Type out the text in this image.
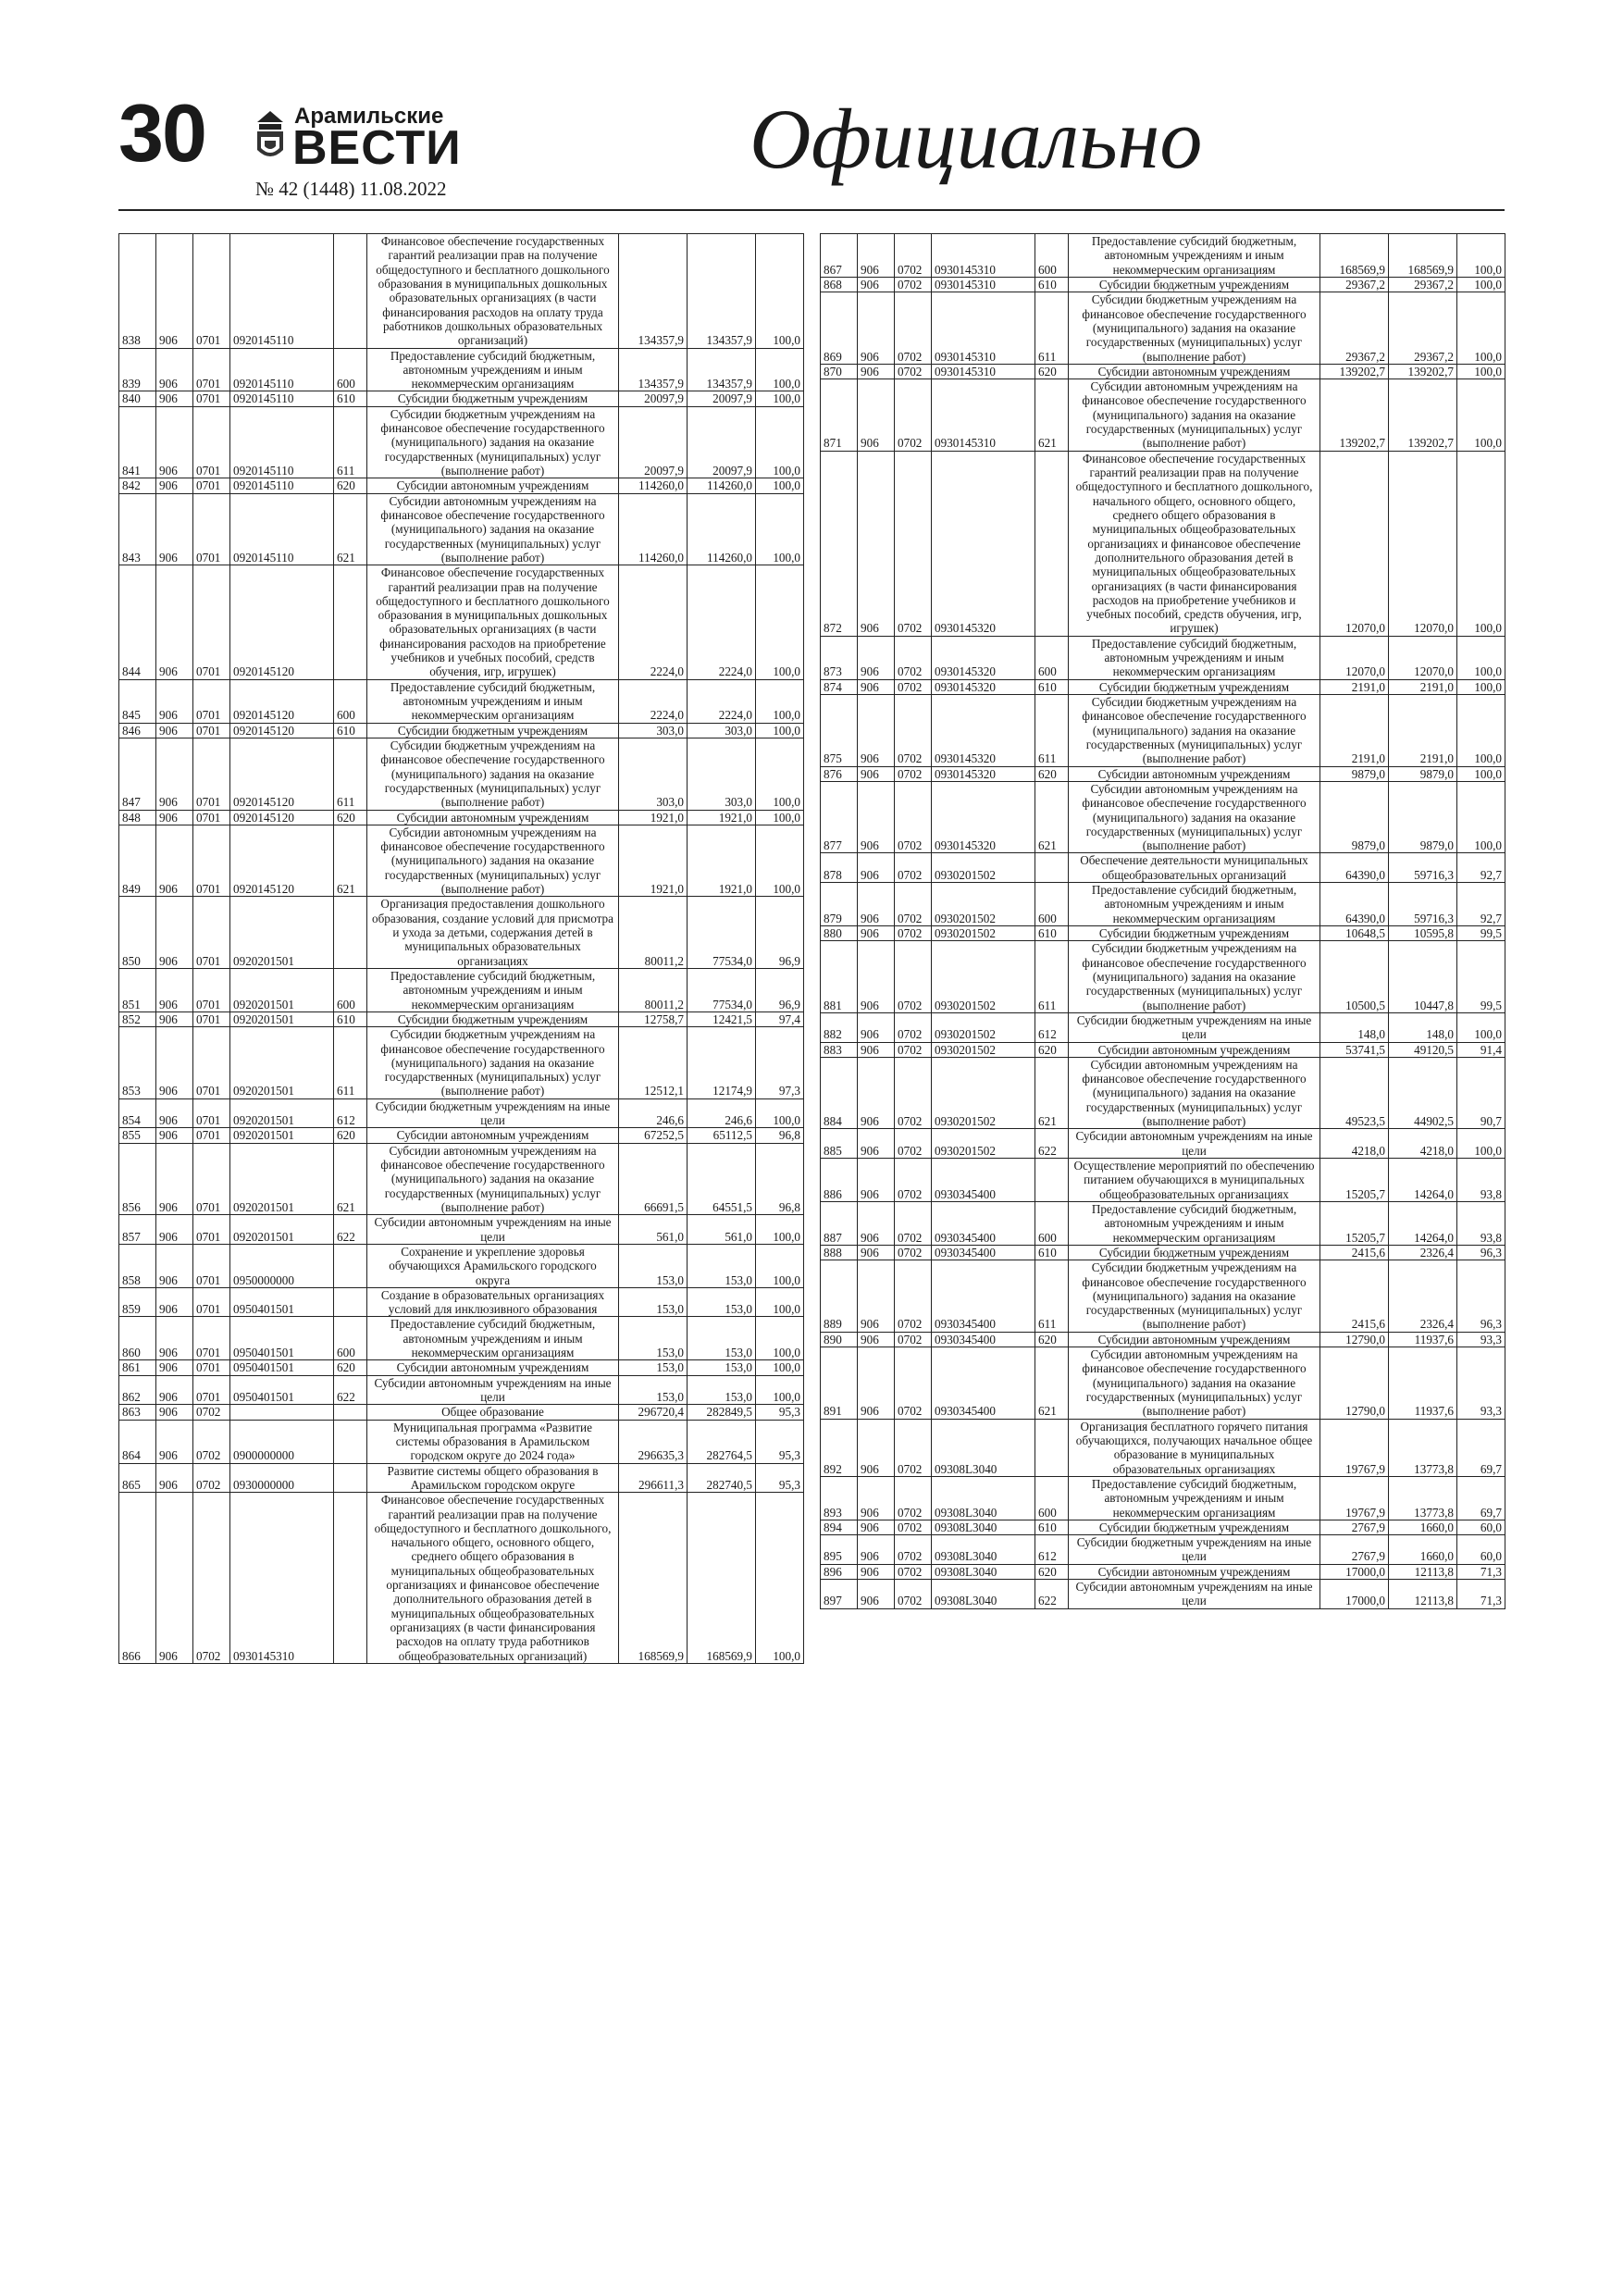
30	Арамильские
ВЕСТИ
№ 42 (1448) 11.08.2022
Официально
838	906	0701	0920145110		Финансовое обеспечение государственных гарантий реализации прав на получение общедоступного и бесплатного дошкольного образования в муниципальных дошкольных образовательных организациях (в части финансирования расходов на оплату труда работников дошкольных образовательных организаций)	134357,9	134357,9	100,0
839	906	0701	0920145110	600	Предоставление субсидий бюджетным, автономным учреждениям и иным некоммерческим организациям	134357,9	134357,9	100,0
840	906	0701	0920145110	610	Субсидии бюджетным учреждениям	20097,9	20097,9	100,0
841	906	0701	0920145110	611	Субсидии бюджетным учреждениям на финансовое обеспечение государственного (муниципального) задания на оказание государственных (муниципальных) услуг (выполнение работ)	20097,9	20097,9	100,0
842	906	0701	0920145110	620	Субсидии автономным учреждениям	114260,0	114260,0	100,0
843	906	0701	0920145110	621	Субсидии автономным учреждениям на финансовое обеспечение государственного (муниципального) задания на оказание государственных (муниципальных) услуг (выполнение работ)	114260,0	114260,0	100,0
844	906	0701	0920145120		Финансовое обеспечение государственных гарантий реализации прав на получение общедоступного и бесплатного дошкольного образования в муниципальных дошкольных образовательных организациях (в части финансирования расходов на приобретение учебников и учебных пособий, средств обучения, игр, игрушек)	2224,0	2224,0	100,0
845	906	0701	0920145120	600	Предоставление субсидий бюджетным, автономным учреждениям и иным некоммерческим организациям	2224,0	2224,0	100,0
846	906	0701	0920145120	610	Субсидии бюджетным учреждениям	303,0	303,0	100,0
847	906	0701	0920145120	611	Субсидии бюджетным учреждениям на финансовое обеспечение государственного (муниципального) задания на оказание государственных (муниципальных) услуг (выполнение работ)	303,0	303,0	100,0
848	906	0701	0920145120	620	Субсидии автономным учреждениям	1921,0	1921,0	100,0
849	906	0701	0920145120	621	Субсидии автономным учреждениям на финансовое обеспечение государственного (муниципального) задания на оказание государственных (муниципальных) услуг (выполнение работ)	1921,0	1921,0	100,0
850	906	0701	0920201501		Организация предоставления дошкольного образования, создание условий для присмотра и ухода за детьми, содержания детей в муниципальных образовательных организациях	80011,2	77534,0	96,9
851	906	0701	0920201501	600	Предоставление субсидий бюджетным, автономным учреждениям и иным некоммерческим организациям	80011,2	77534,0	96,9
852	906	0701	0920201501	610	Субсидии бюджетным учреждениям	12758,7	12421,5	97,4
853	906	0701	0920201501	611	Субсидии бюджетным учреждениям на финансовое обеспечение государственного (муниципального) задания на оказание государственных (муниципальных) услуг (выполнение работ)	12512,1	12174,9	97,3
854	906	0701	0920201501	612	Субсидии бюджетным учреждениям на иные цели	246,6	246,6	100,0
855	906	0701	0920201501	620	Субсидии автономным учреждениям	67252,5	65112,5	96,8
856	906	0701	0920201501	621	Субсидии автономным учреждениям на финансовое обеспечение государственного (муниципального) задания на оказание государственных (муниципальных) услуг (выполнение работ)	66691,5	64551,5	96,8
857	906	0701	0920201501	622	Субсидии автономным учреждениям на иные цели	561,0	561,0	100,0
858	906	0701	0950000000		Сохранение и укрепление здоровья обучающихся Арамильского городского округа	153,0	153,0	100,0
859	906	0701	0950401501		Создание в образовательных организациях условий для инклюзивного образования	153,0	153,0	100,0
860	906	0701	0950401501	600	Предоставление субсидий бюджетным, автономным учреждениям и иным некоммерческим организациям	153,0	153,0	100,0
861	906	0701	0950401501	620	Субсидии автономным учреждениям	153,0	153,0	100,0
862	906	0701	0950401501	622	Субсидии автономным учреждениям на иные цели	153,0	153,0	100,0
863	906	0702			Общее образование	296720,4	282849,5	95,3
864	906	0702	0900000000		Муниципальная программа «Развитие системы образования в Арамильском городском округе до 2024 года»	296635,3	282764,5	95,3
865	906	0702	0930000000		Развитие системы общего образования в Арамильском городском округе	296611,3	282740,5	95,3
866	906	0702	0930145310		Финансовое обеспечение государственных гарантий реализации прав на получение общедоступного и бесплатного дошкольного, начального общего, основного общего, среднего общего образования в муниципальных общеобразовательных организациях и финансовое обеспечение дополнительного образования детей в муниципальных общеобразовательных организациях (в части финансирования расходов на оплату труда работников общеобразовательных организаций)	168569,9	168569,9	100,0
867	906	0702	0930145310	600	Предоставление субсидий бюджетным, автономным учреждениям и иным некоммерческим организациям	168569,9	168569,9	100,0
868	906	0702	0930145310	610	Субсидии бюджетным учреждениям	29367,2	29367,2	100,0
869	906	0702	0930145310	611	Субсидии бюджетным учреждениям на финансовое обеспечение государственного (муниципального) задания на оказание государственных (муниципальных) услуг (выполнение работ)	29367,2	29367,2	100,0
870	906	0702	0930145310	620	Субсидии автономным учреждениям	139202,7	139202,7	100,0
871	906	0702	0930145310	621	Субсидии автономным учреждениям на финансовое обеспечение государственного (муниципального) задания на оказание государственных (муниципальных) услуг (выполнение работ)	139202,7	139202,7	100,0
872	906	0702	0930145320		Финансовое обеспечение государственных гарантий реализации прав на получение общедоступного и бесплатного дошкольного, начального общего, основного общего, среднего общего образования в муниципальных общеобразовательных организациях и финансовое обеспечение дополнительного образования детей в муниципальных общеобразовательных организациях (в части финансирования расходов на приобретение учебников и учебных пособий, средств обучения, игр, игрушек)	12070,0	12070,0	100,0
873	906	0702	0930145320	600	Предоставление субсидий бюджетным, автономным учреждениям и иным некоммерческим организациям	12070,0	12070,0	100,0
874	906	0702	0930145320	610	Субсидии бюджетным учреждениям	2191,0	2191,0	100,0
875	906	0702	0930145320	611	Субсидии бюджетным учреждениям на финансовое обеспечение государственного (муниципального) задания на оказание государственных (муниципальных) услуг (выполнение работ)	2191,0	2191,0	100,0
876	906	0702	0930145320	620	Субсидии автономным учреждениям	9879,0	9879,0	100,0
877	906	0702	0930145320	621	Субсидии автономным учреждениям на финансовое обеспечение государственного (муниципального) задания на оказание государственных (муниципальных) услуг (выполнение работ)	9879,0	9879,0	100,0
878	906	0702	0930201502		Обеспечение деятельности муниципальных общеобразовательных организаций	64390,0	59716,3	92,7
879	906	0702	0930201502	600	Предоставление субсидий бюджетным, автономным учреждениям и иным некоммерческим организациям	64390,0	59716,3	92,7
880	906	0702	0930201502	610	Субсидии бюджетным учреждениям	10648,5	10595,8	99,5
881	906	0702	0930201502	611	Субсидии бюджетным учреждениям на финансовое обеспечение государственного (муниципального) задания на оказание государственных (муниципальных) услуг (выполнение работ)	10500,5	10447,8	99,5
882	906	0702	0930201502	612	Субсидии бюджетным учреждениям на иные цели	148,0	148,0	100,0
883	906	0702	0930201502	620	Субсидии автономным учреждениям	53741,5	49120,5	91,4
884	906	0702	0930201502	621	Субсидии автономным учреждениям на финансовое обеспечение государственного (муниципального) задания на оказание государственных (муниципальных) услуг (выполнение работ)	49523,5	44902,5	90,7
885	906	0702	0930201502	622	Субсидии автономным учреждениям на иные цели	4218,0	4218,0	100,0
886	906	0702	0930345400		Осуществление мероприятий по обеспечению питанием обучающихся в муниципальных общеобразовательных организациях	15205,7	14264,0	93,8
887	906	0702	0930345400	600	Предоставление субсидий бюджетным, автономным учреждениям и иным некоммерческим организациям	15205,7	14264,0	93,8
888	906	0702	0930345400	610	Субсидии бюджетным учреждениям	2415,6	2326,4	96,3
889	906	0702	0930345400	611	Субсидии бюджетным учреждениям на финансовое обеспечение государственного (муниципального) задания на оказание государственных (муниципальных) услуг (выполнение работ)	2415,6	2326,4	96,3
890	906	0702	0930345400	620	Субсидии автономным учреждениям	12790,0	11937,6	93,3
891	906	0702	0930345400	621	Субсидии автономным учреждениям на финансовое обеспечение государственного (муниципального) задания на оказание государственных (муниципальных) услуг (выполнение работ)	12790,0	11937,6	93,3
892	906	0702	09308L3040		Организация бесплатного горячего питания обучающихся, получающих начальное общее образование в муниципальных образовательных организациях	19767,9	13773,8	69,7
893	906	0702	09308L3040	600	Предоставление субсидий бюджетным, автономным учреждениям и иным некоммерческим организациям	19767,9	13773,8	69,7
894	906	0702	09308L3040	610	Субсидии бюджетным учреждениям	2767,9	1660,0	60,0
895	906	0702	09308L3040	612	Субсидии бюджетным учреждениям на иные цели	2767,9	1660,0	60,0
896	906	0702	09308L3040	620	Субсидии автономным учреждениям	17000,0	12113,8	71,3
897	906	0702	09308L3040	622	Субсидии автономным учреждениям на иные цели	17000,0	12113,8	71,3
